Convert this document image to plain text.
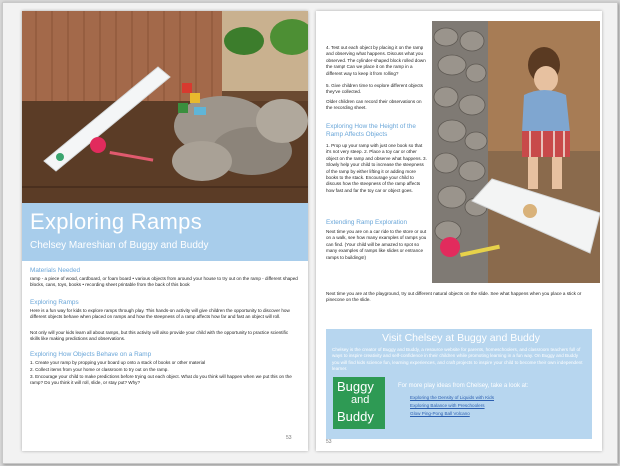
Exploring Ramps
Chelsey Mareshian of Buggy and Buddy
Materials Needed
ramp - a piece of wood, cardboard, or foam board • various objects from around your house to try out on the ramp - different shaped blocks, cans, toys, books • recording sheet printable from the back of this book
Exploring Ramps
Here is a fun way for kids to explore ramps through play. This hands-on activity will give children the opportunity to discover how different objects behave when placed on ramps and how the steepness of a ramp affects how far and fast an object will roll.
Not only will your kids learn all about ramps, but this activity will also provide your child with the opportunity to practice scientific skills like making predictions and observations.
Exploring How Objects Behave on a Ramp
1. Create your ramp by propping your board up onto a stack of books or other material
2. Collect items from your home or classroom to try out on the ramp.
3. Encourage your child to make predictions before trying out each object. What do you think will happen when we put this on the ramp? Do you think it will roll, slide, or stay put? Why?
53
4. Test out each object by placing it on the ramp and observing what happens. Discuss what you observed. The cylinder-shaped block rolled down the ramp! Can we place it on the ramp in a different way to keep it from rolling?
5. Give children time to explore different objects they've collected.
Older children can record their observations on the recording sheet.
Exploring How the Height of the Ramp Affects Objects
1. Prop up your ramp with just one book so that it's not very steep. 2. Place a toy car or other object on the ramp and observe what happens. 3. Slowly help your child to increase the steepness of the ramp by either lifting it or adding more books to the stack. Encourage your child to discuss how the steepness of the ramp affects how fast and far the toy car or object goes.
Extending Ramp Exploration
Next time you are on a car ride to the store or out on a walk, see how many examples of ramps you can find. (Your child will be amazed to spot so many examples of ramps like slides or entrance ramps to buildings!)
Next time you are at the playground, try out different natural objects on the slide. See what happens when you place a stick or pinecone on the slide.
Visit Chelsey at Buggy and Buddy
Chelsey is the creator of Buggy and Buddy, a resource website for parents, homeschoolers, and classroom teachers full of ways to inspire creativity and self-confidence in their children while promoting learning in a fun way. On Buggy and Buddy you will find kids science fun, learning experiences, and craft projects to inspire your child to become their own independent learner.
Buggy
and
Buddy
For more play ideas from Chelsey, take a look at:
Exploring the Density of Liquids with Kids
Exploring Balance with Preschoolers
Glow Ping-Pong Ball Volcano
53
